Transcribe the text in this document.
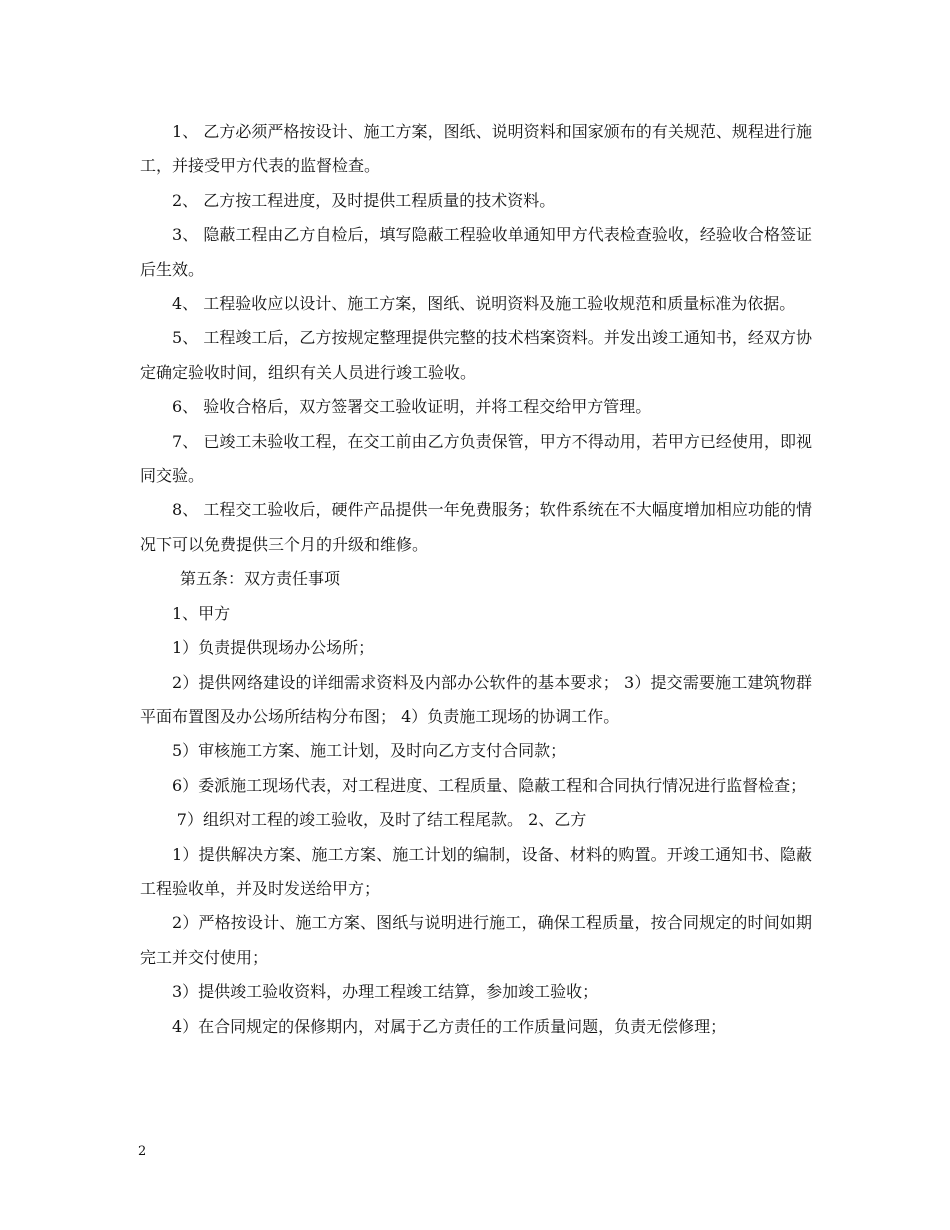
1、 乙方必须严格按设计、施工方案，图纸、说明资料和国家颁布的有关规范、规程进行施工，并接受甲方代表的监督检查。

2、 乙方按工程进度，及时提供工程质量的技术资料。

3、 隐蔽工程由乙方自检后，填写隐蔽工程验收单通知甲方代表检查验收，经验收合格签证后生效。

4、 工程验收应以设计、施工方案，图纸、说明资料及施工验收规范和质量标准为依据。

5、 工程竣工后，乙方按规定整理提供完整的技术档案资料。并发出竣工通知书，经双方协定确定验收时间，组织有关人员进行竣工验收。

6、 验收合格后，双方签署交工验收证明，并将工程交给甲方管理。

7、 已竣工未验收工程，在交工前由乙方负责保管，甲方不得动用，若甲方已经使用，即视同交验。

8、 工程交工验收后，硬件产品提供一年免费服务；软件系统在不大幅度增加相应功能的情况下可以免费提供三个月的升级和维修。

第五条：双方责任事项

1、甲方

1）负责提供现场办公场所；

2）提供网络建设的详细需求资料及内部办公软件的基本要求； 3）提交需要施工建筑物群平面布置图及办公场所结构分布图； 4）负责施工现场的协调工作。

5）审核施工方案、施工计划，及时向乙方支付合同款；

6）委派施工现场代表，对工程进度、工程质量、隐蔽工程和合同执行情况进行监督检查；

7）组织对工程的竣工验收，及时了结工程尾款。 2、乙方

1）提供解决方案、施工方案、施工计划的编制，设备、材料的购置。开竣工通知书、隐蔽工程验收单，并及时发送给甲方；

2）严格按设计、施工方案、图纸与说明进行施工，确保工程质量，按合同规定的时间如期完工并交付使用；

3）提供竣工验收资料，办理工程竣工结算，参加竣工验收；

4）在合同规定的保修期内，对属于乙方责任的工作质量问题，负责无偿修理；

2
